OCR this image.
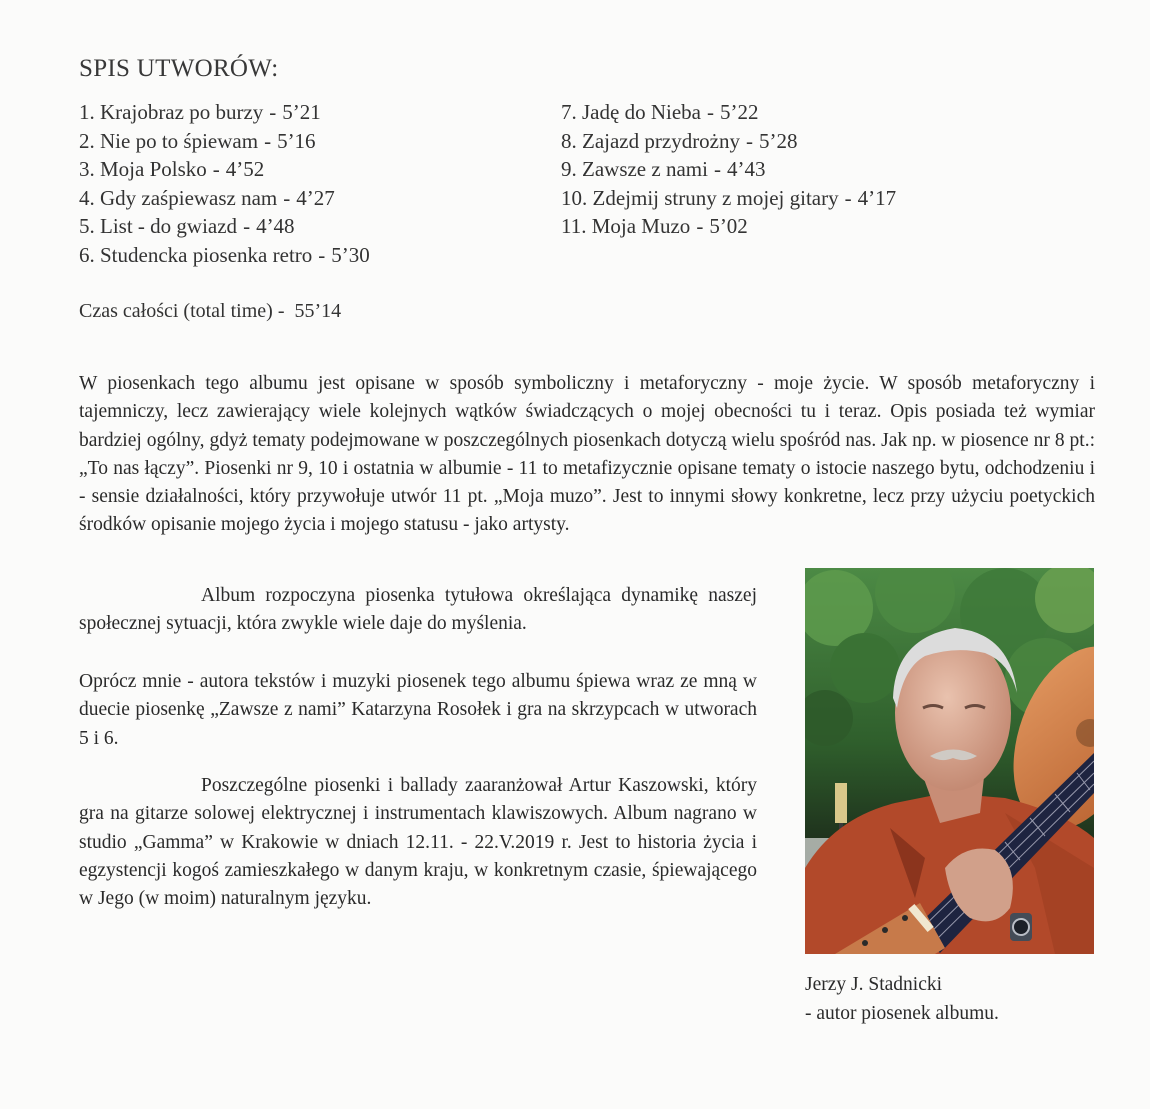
SPIS UTWORÓW:
1. Krajobraz po burzy - 5’21
2. Nie po to śpiewam - 5’16
3. Moja Polsko - 4’52
4. Gdy zaśpiewasz nam - 4’27
5. List - do gwiazd - 4’48
6. Studencka piosenka retro - 5’30
7. Jadę do Nieba - 5’22
8. Zajazd przydrożny - 5’28
9. Zawsze z nami - 4’43
10. Zdejmij struny z mojej gitary - 4’17
11. Moja Muzo - 5’02
Czas całości (total time) - 55’14

W piosenkach tego albumu jest opisane w sposób symboliczny i metaforyczny - moje życie. W sposób metaforyczny i tajemniczy, lecz zawierający wiele kolejnych wątków świadczących o mojej obecności tu i teraz. Opis posiada też wymiar bardziej ogólny, gdyż tematy podejmowane w poszczególnych piosenkach dotyczą wielu spośród nas. Jak np. w piosence nr 8 pt.: „To nas łączy”. Piosenki nr 9, 10 i ostatnia w albumie - 11 to metafizycznie opisane tematy o istocie naszego bytu, odchodzeniu i - sensie działalności, który przywołuje utwór 11 pt. „Moja muzo”. Jest to innymi słowy konkretne, lecz przy użyciu poetyckich środków opisanie mojego życia i mojego statusu - jako artysty.

Album rozpoczyna piosenka tytułowa określająca dynamikę naszej społecznej sytuacji, która zwykle wiele daje do myślenia.

Oprócz mnie - autora tekstów i muzyki piosenek tego albumu śpiewa wraz ze mną w duecie piosenkę „Zawsze z nami” Katarzyna Rosołek i gra na skrzypcach w utworach 5 i 6.

Poszczególne piosenki i ballady zaaranżował Artur Kaszowski, który gra na gitarze solowej elektrycznej i instrumentach klawiszowych. Album nagrano w studio „Gamma” w Krakowie w dniach 12.11. - 22.V.2019 r. Jest to historia życia i egzystencji kogoś zamieszkałego w danym kraju, w konkretnym czasie, śpiewającego w Jego (w moim) naturalnym języku.

Jerzy J. Stadnicki
- autor piosenek albumu.
